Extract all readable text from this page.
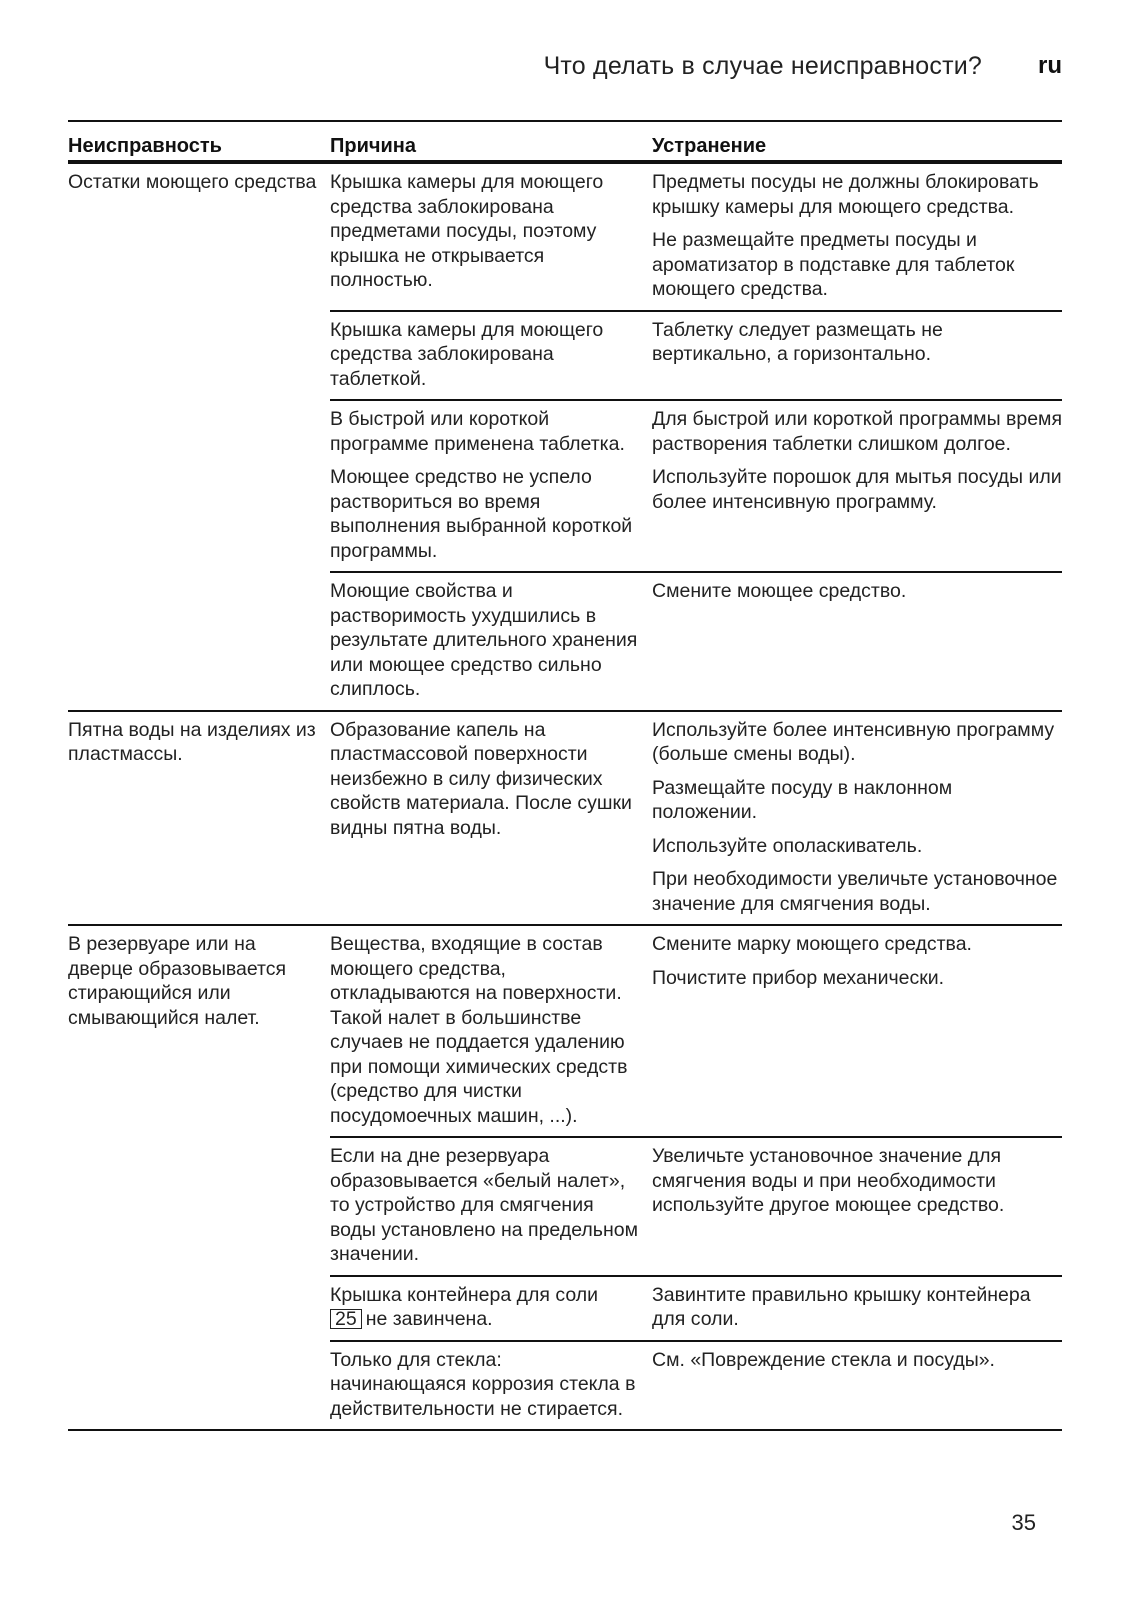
Что делать в случае неисправности? ru
Неисправность	Причина	Устранение
Остатки моющего средства Крышка камеры для моющего средства заблокирована предметами посуды, поэтому крышка не открывается полностью.
Предметы посуды не должны блокировать крышку камеры для моющего средства.
Не размещайте предметы посуды и ароматизатор в подставке для таблеток моющего средства.
Крышка камеры для моющего средства заблокирована таблеткой.
Таблетку следует размещать не вертикально, а горизонтально.
В быстрой или короткой программе применена таблетка.
Моющее средство не успело раствориться во время выполнения выбранной короткой программы.
Для быстрой или короткой программы время растворения таблетки слишком долгое.
Используйте порошок для мытья посуды или более интенсивную программу.
Моющие свойства и растворимость ухудшились в результате длительного хранения или моющее средство сильно слиплось.
Смените моющее средство.
Пятна воды на изделиях из пластмассы.
Образование капель на пластмассовой поверхности неизбежно в силу физических свойств материала. После сушки видны пятна воды.
Используйте более интенсивную программу (больше смены воды).
Размещайте посуду в наклонном положении.
Используйте ополаскиватель.
При необходимости увеличьте установочное значение для смягчения воды.
В резервуаре или на дверце образовывается стирающийся или смывающийся налет.
Вещества, входящие в состав моющего средства, откладываются на поверхности. Такой налет в большинстве случаев не поддается удалению при помощи химических средств (средство для чистки посудомоечных машин, ...).
Смените марку моющего средства.
Почистите прибор механически.
Если на дне резервуара образовывается «белый налет», то устройство для смягчения воды установлено на предельном значении.
Увеличьте установочное значение для смягчения воды и при необходимости используйте другое моющее средство.
Крышка контейнера для соли
25 не завинчена.
Завинтите правильно крышку контейнера для соли.
Только для стекла: начинающаяся коррозия стекла в действительности не стирается.
См. «Повреждение стекла и посуды».
35
